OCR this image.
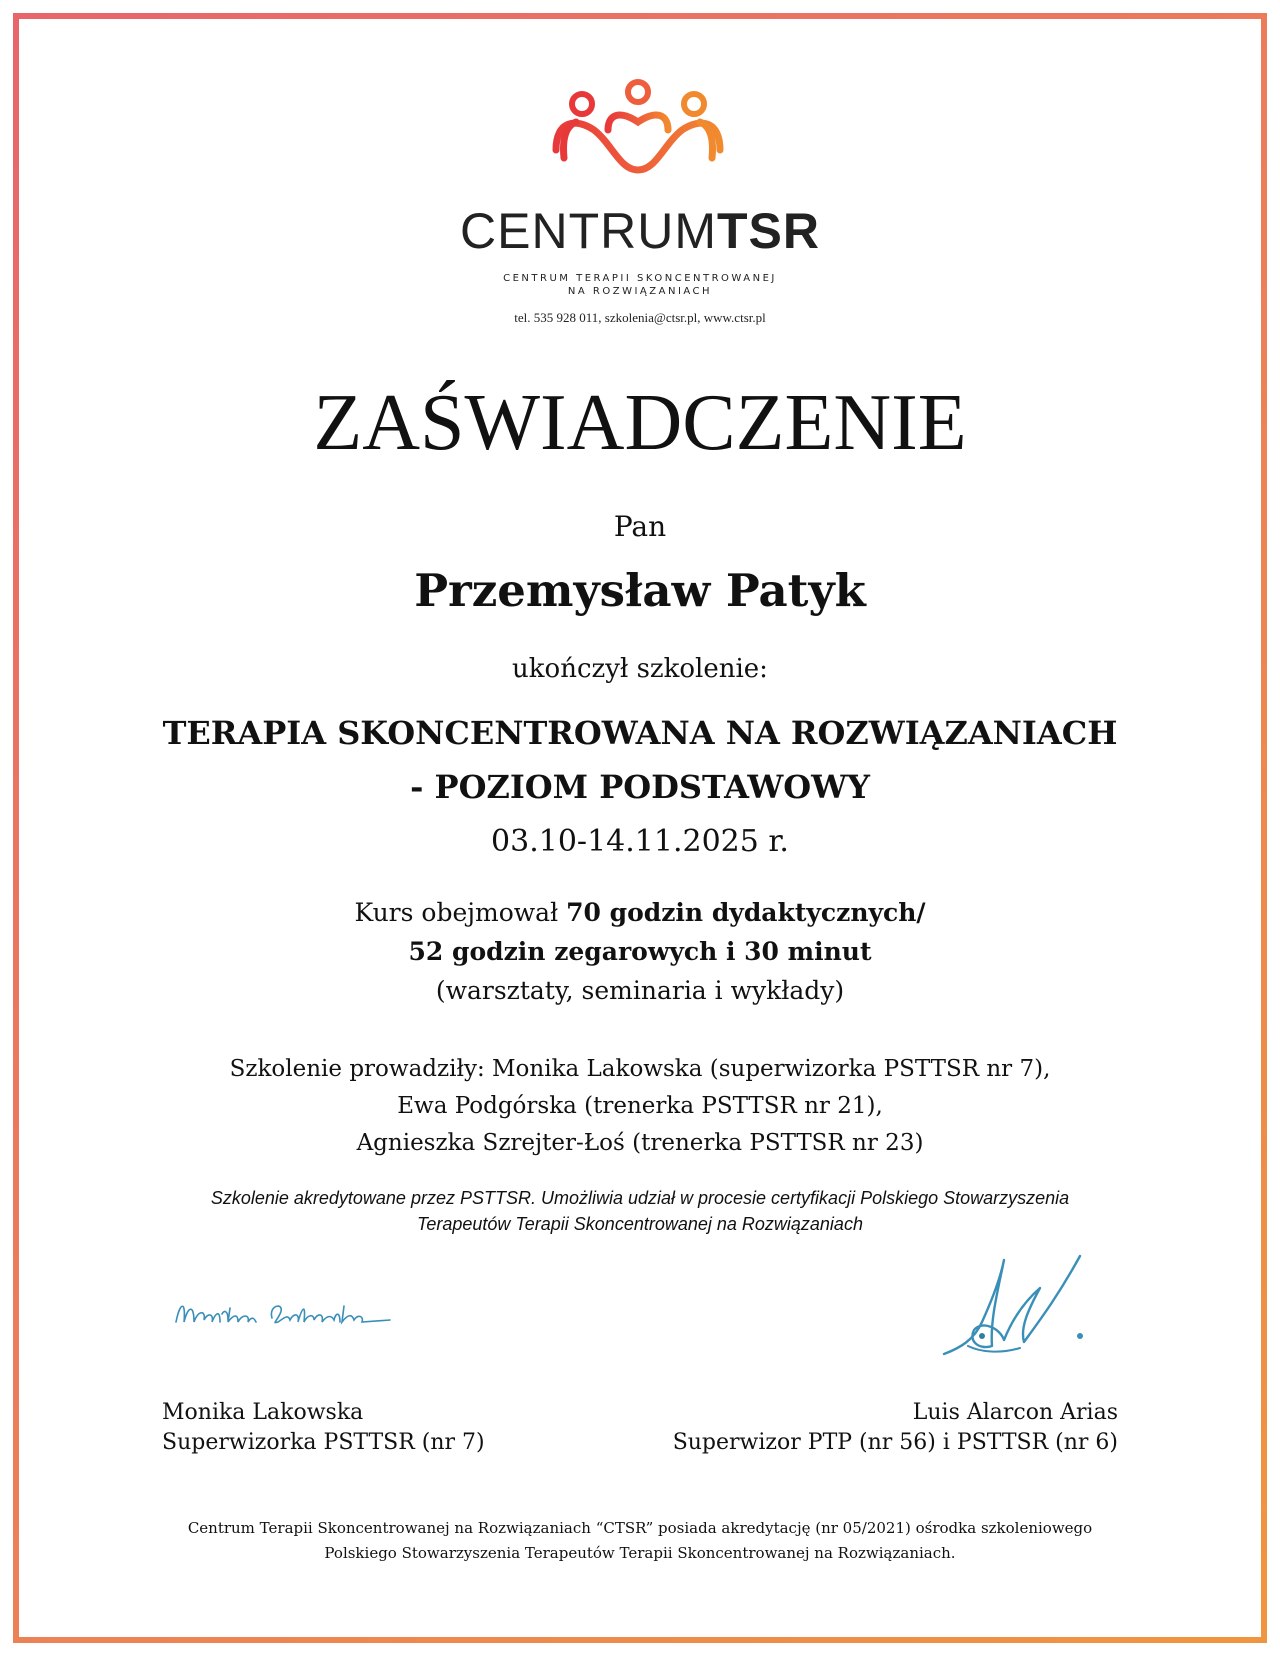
CENTRUMTSR
CENTRUM TERAPII SKONCENTROWANEJ
NA ROZWIĄZANIACH
tel. 535 928 011, szkolenia@ctsr.pl, www.ctsr.pl
ZAŚWIADCZENIE
Pan
Przemysław Patyk
ukończył szkolenie:
TERAPIA SKONCENTROWANA NA ROZWIĄZANIACH
- POZIOM PODSTAWOWY
03.10-14.11.2025 r.
Kurs obejmował 70 godzin dydaktycznych/
52 godzin zegarowych i 30 minut
(warsztaty, seminaria i wykłady)
Szkolenie prowadziły: Monika Lakowska (superwizorka PSTTSR nr 7),
Ewa Podgórska (trenerka PSTTSR nr 21),
Agnieszka Szrejter-Łoś (trenerka PSTTSR nr 23)
Szkolenie akredytowane przez PSTTSR. Umożliwia udział w procesie certyfikacji Polskiego Stowarzyszenia
Terapeutów Terapii Skoncentrowanej na Rozwiązaniach
Monika Lakowska
Superwizorka PSTTSR (nr 7)
Luis Alarcon Arias
Superwizor PTP (nr 56) i PSTTSR (nr 6)
Centrum Terapii Skoncentrowanej na Rozwiązaniach “CTSR” posiada akredytację (nr 05/2021) ośrodka szkoleniowego
Polskiego Stowarzyszenia Terapeutów Terapii Skoncentrowanej na Rozwiązaniach.
